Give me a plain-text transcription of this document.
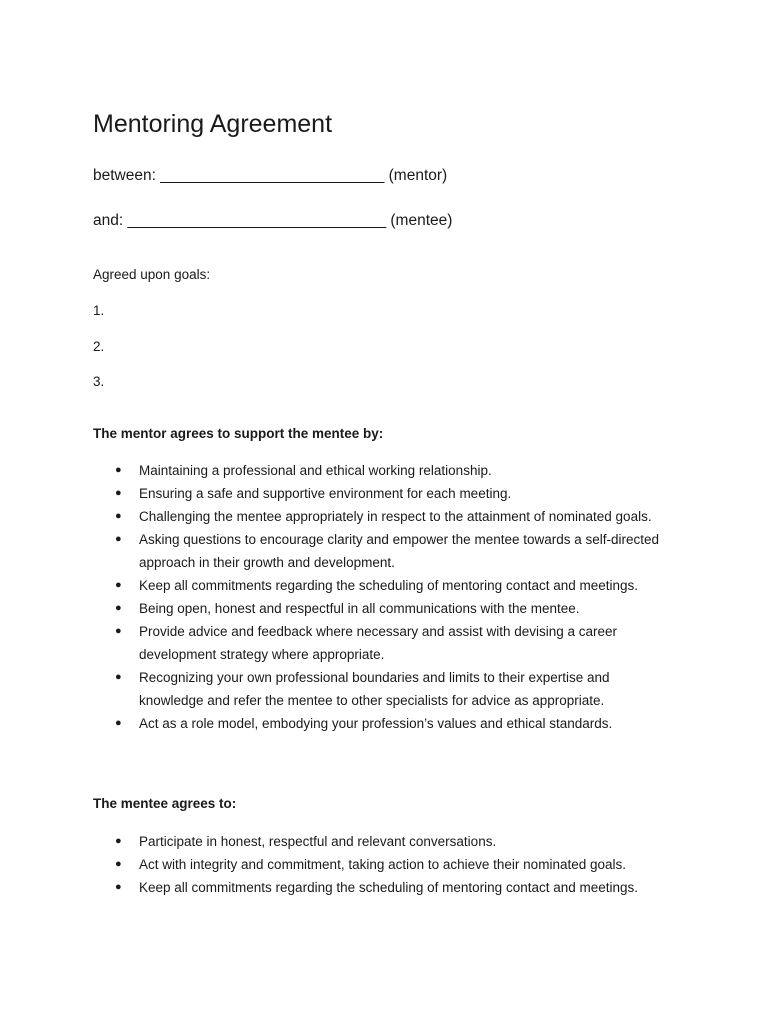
Mentoring Agreement
between: __________________________ (mentor)
and: ______________________________ (mentee)
Agreed upon goals:
1.
2.
3.
The mentor agrees to support the mentee by:
● Maintaining a professional and ethical working relationship.
● Ensuring a safe and supportive environment for each meeting.
● Challenging the mentee appropriately in respect to the attainment of nominated goals.
● Asking questions to encourage clarity and empower the mentee towards a self-directed approach in their growth and development.
● Keep all commitments regarding the scheduling of mentoring contact and meetings.
● Being open, honest and respectful in all communications with the mentee.
● Provide advice and feedback where necessary and assist with devising a career development strategy where appropriate.
● Recognizing your own professional boundaries and limits to their expertise and knowledge and refer the mentee to other specialists for advice as appropriate.
● Act as a role model, embodying your profession’s values and ethical standards.
The mentee agrees to:
● Participate in honest, respectful and relevant conversations.
● Act with integrity and commitment, taking action to achieve their nominated goals.
● Keep all commitments regarding the scheduling of mentoring contact and meetings.
